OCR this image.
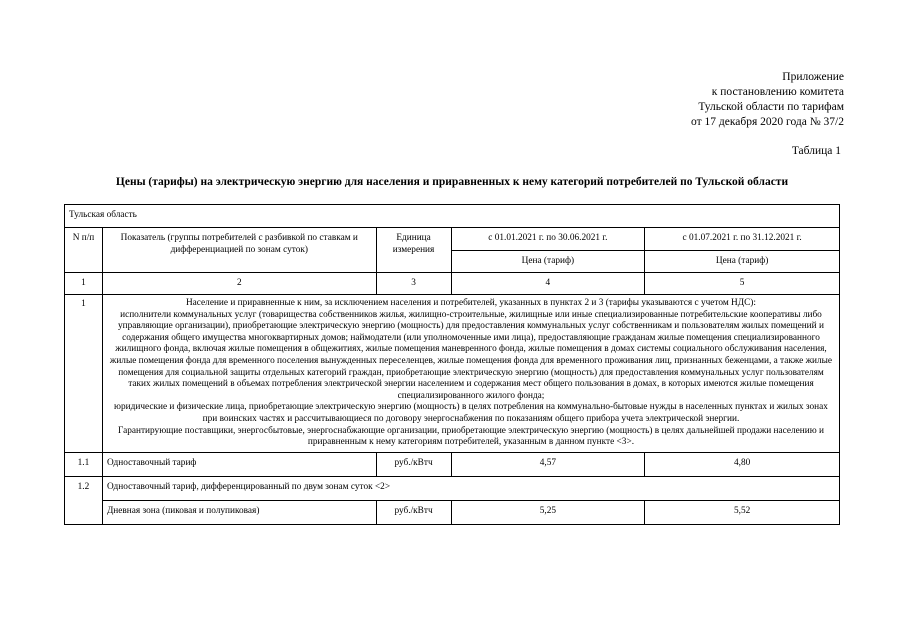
Приложение
к постановлению комитета
Тульской области по тарифам
от 17 декабря 2020 года № 37/2
Таблица 1
Цены (тарифы) на электрическую энергию для населения и приравненных к нему категорий потребителей по Тульской области
Тульская область				
N п/п	Показатель (группы потребителей с разбивкой по ставкам и дифференциацией по зонам суток)	Единица измерения	с 01.01.2021 г. по 30.06.2021 г.	с 01.07.2021 г. по 31.12.2021 г.
			Цена (тариф)	Цена (тариф)
1	2	3	4	5
1	Население и приравненные к ним, за исключением населения и потребителей, указанных в пунктах 2 и 3 (тарифы указываются с учетом НДС):
исполнители коммунальных услуг (товарищества собственников жилья, жилищно-строительные, жилищные или иные специализированные потребительские кооперативы либо управляющие организации), приобретающие электрическую энергию (мощность) для предоставления коммунальных услуг собственникам и пользователям жилых помещений и содержания общего имущества многоквартирных домов; наймодатели (или уполномоченные ими лица), предоставляющие гражданам жилые помещения специализированного жилищного фонда, включая жилые помещения в общежитиях, жилые помещения маневренного фонда, жилые помещения в домах системы социального обслуживания населения, жилые помещения фонда для временного поселения вынужденных переселенцев, жилые помещения фонда для временного проживания лиц, признанных беженцами, а также жилые помещения для социальной защиты отдельных категорий граждан, приобретающие электрическую энергию (мощность) для предоставления коммунальных услуг пользователям таких жилых помещений в объемах потребления электрической энергии населением и содержания мест общего пользования в домах, в которых имеются жилые помещения специализированного жилого фонда;
юридические и физические лица, приобретающие электрическую энергию (мощность) в целях потребления на коммунально-бытовые нужды в населенных пунктах и жилых зонах при воинских частях и рассчитывающиеся по договору энергоснабжения по показаниям общего прибора учета электрической энергии.
Гарантирующие поставщики, энергосбытовые, энергоснабжающие организации, приобретающие электрическую энергию (мощность) в целях дальнейшей продажи населению и приравненным к нему категориям потребителей, указанным в данном пункте <3>.			

1.1	Одноставочный тариф	руб./кВтч	4,57	4,80
1.2	Одноставочный тариф, дифференцированный по двум зонам суток <2>			
	Дневная зона (пиковая и полупиковая)	руб./кВтч	5,25	5,52
